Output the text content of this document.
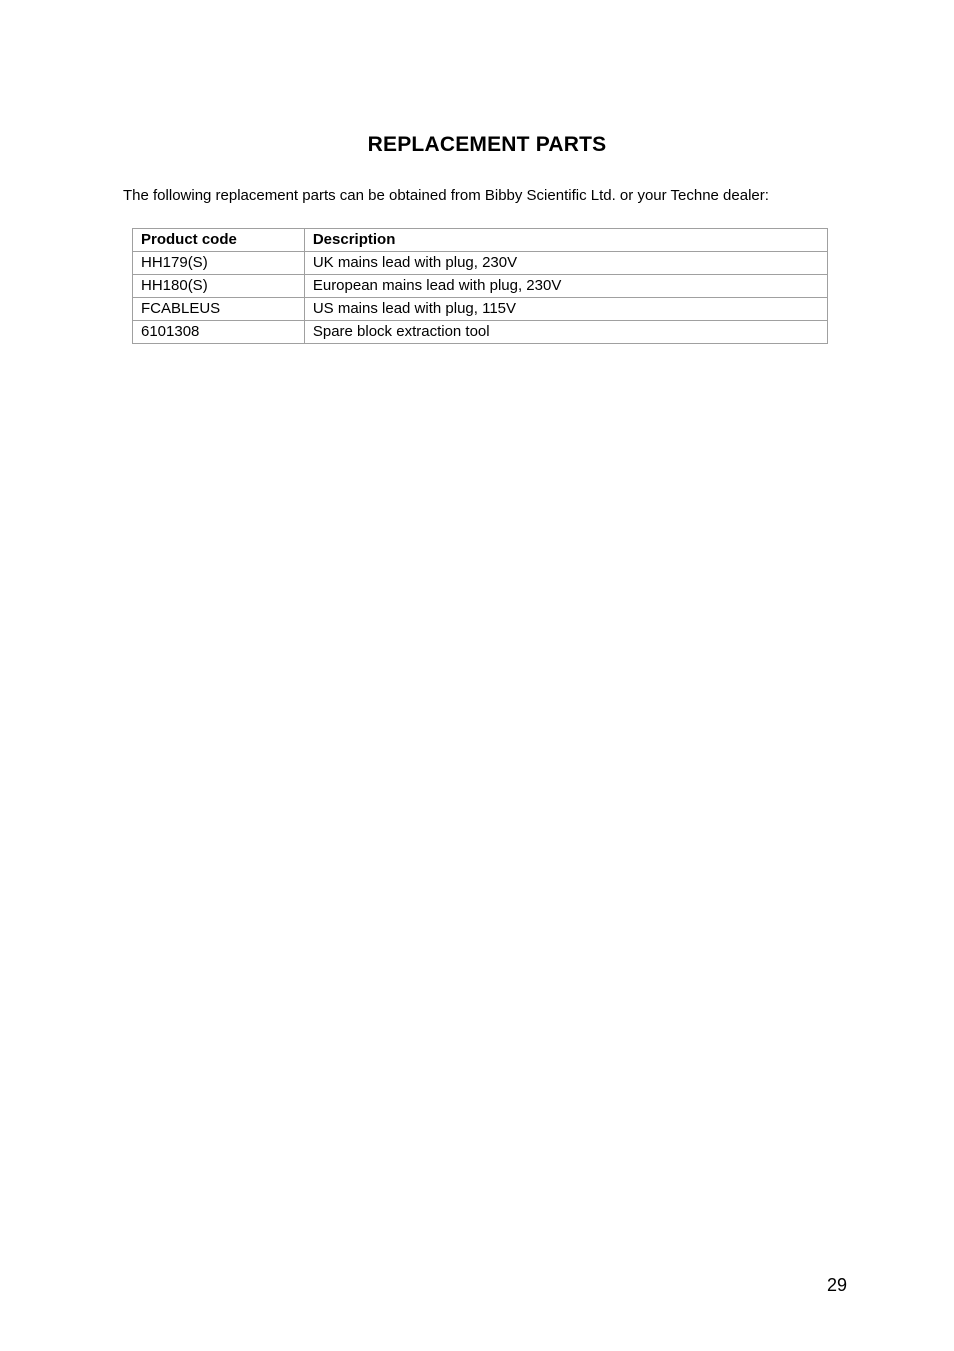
REPLACEMENT PARTS

The following replacement parts can be obtained from Bibby Scientific Ltd. or your Techne dealer:

Product code	Description
HH179(S)	UK mains lead with plug, 230V
HH180(S)	European mains lead with plug, 230V
FCABLEUS	US mains lead with plug, 115V
6101308	Spare block extraction tool

29
